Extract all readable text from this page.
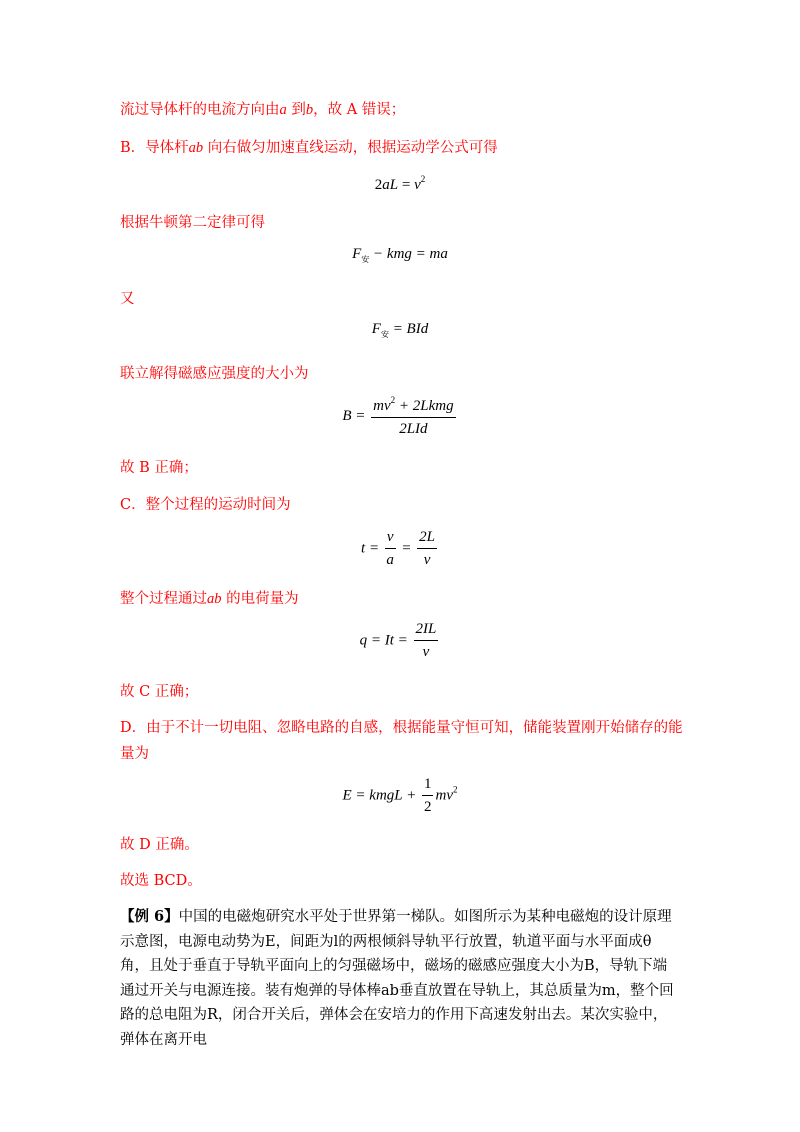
流过导体杆的电流方向由a 到b，故 A 错误；
B．导体杆ab 向右做匀加速直线运动，根据运动学公式可得
$2aL = v^2$
根据牛顿第二定律可得
$F_安$ − kmg = ma
又
$F_安$ = BId
联立解得磁感应强度的大小为
$B = \frac{mv^2 + 2Lkmg}{\text{2LId}}$
故 B 正确；
C．整个过程的运动时间为
$t = \frac{v}{a} = \frac{2L}{v}$
整个过程通过ab 的电荷量为
$q = It = \frac{2IL}{v}$
故 C 正确；
D．由于不计一切电阻、忽略电路的自感，根据能量守恒可知，储能装置刚开始储存的能
量为
E = kmgL + $\frac{1}{2} mv^2$
故 D 正确。
故选 BCD。
【例 6】中国的电磁炮研究水平处于世界第一梯队。如图所示为某种电磁炮的设计原理示意图，电源电动势为E，间距为l的两根倾斜导轨平行放置，轨道平面与水平面成θ角，且处于垂直于导轨平面向上的匀强磁场中，磁场的磁感应强度大小为B，导轨下端通过开关与电源连接。装有炮弹的导体棒ab垂直放置在导轨上，其总质量为m，整个回路的总电阻为R，闭合开关后，弹体会在安培力的作用下高速发射出去。某次实验中，弹体在离开电
